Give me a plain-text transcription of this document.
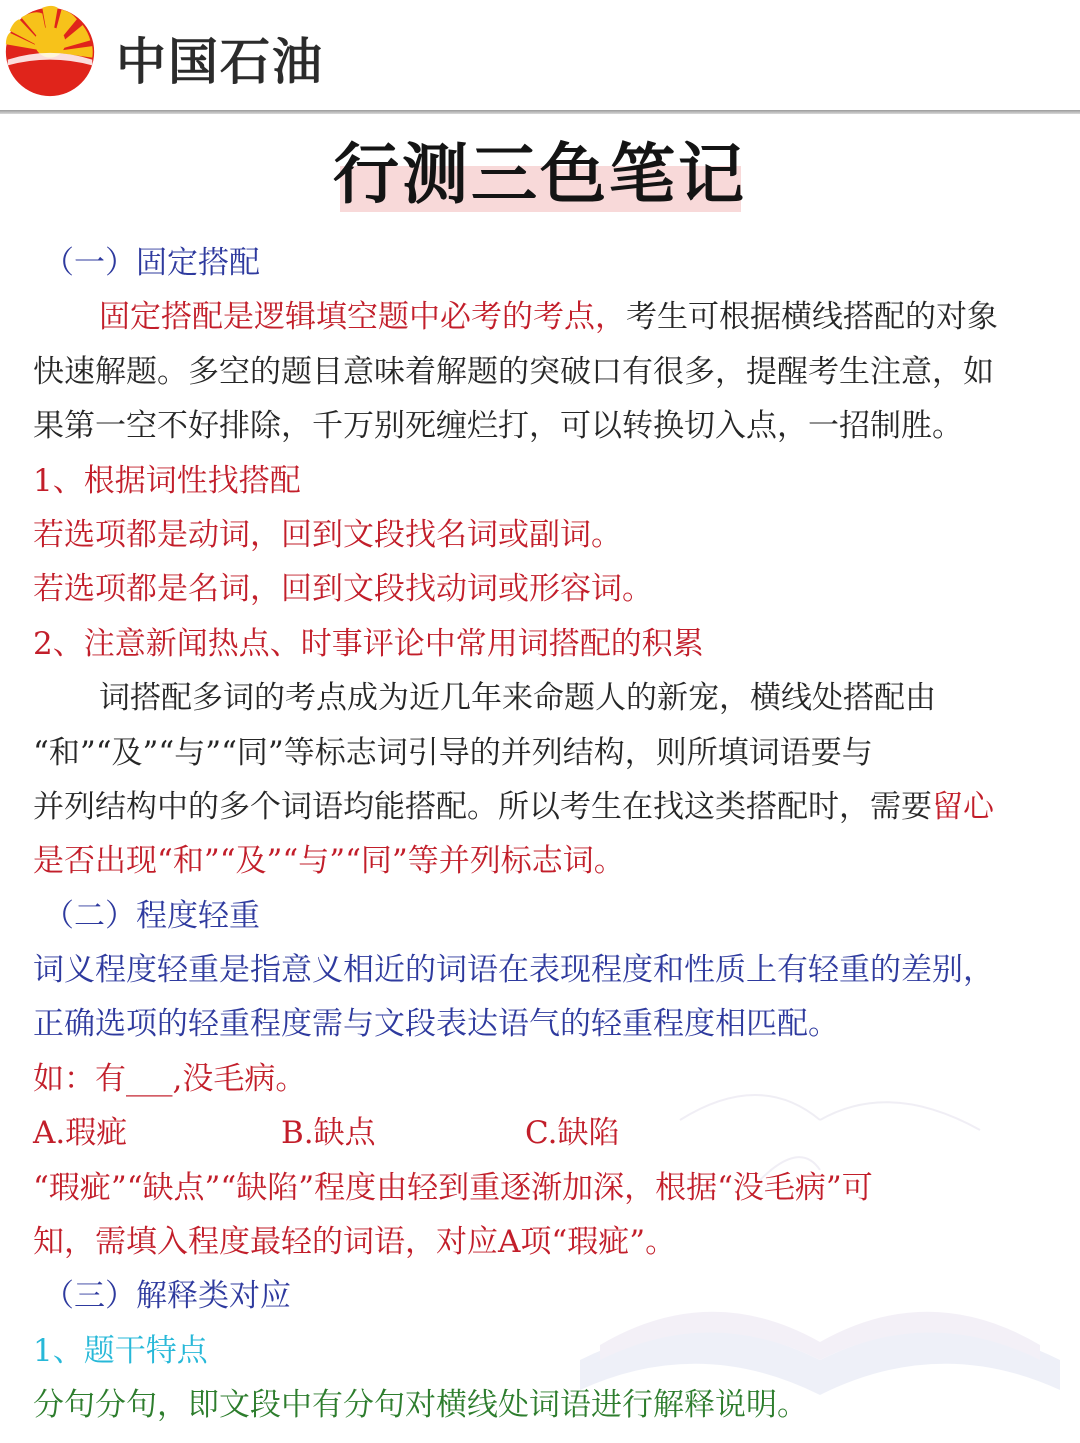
中国石油
行测三色笔记
（一）固定搭配
固定搭配是逻辑填空题中必考的考点，考生可根据横线搭配的对象
快速解题。多空的题目意味着解题的突破口有很多，提醒考生注意，如
果第一空不好排除，千万别死缠烂打，可以转换切入点，一招制胜。
1、根据词性找搭配
若选项都是动词，回到文段找名词或副词。
若选项都是名词，回到文段找动词或形容词。
2、注意新闻热点、时事评论中常用词搭配的积累
词搭配多词的考点成为近几年来命题人的新宠，横线处搭配由
“和”“及”“与”“同”等标志词引导的并列结构，则所填词语要与
并列结构中的多个词语均能搭配。所以考生在找这类搭配时，需要留心
是否出现“和”“及”“与”“同”等并列标志词。
（二）程度轻重
词义程度轻重是指意义相近的词语在表现程度和性质上有轻重的差别，
正确选项的轻重程度需与文段表达语气的轻重程度相匹配。
如：有___,没毛病。
A.瑕疵	B.缺点	C.缺陷
“瑕疵”“缺点”“缺陷”程度由轻到重逐渐加深，根据“没毛病”可
知，需填入程度最轻的词语，对应A项“瑕疵”。
（三）解释类对应
1、题干特点
分句分句，即文段中有分句对横线处词语进行解释说明。
